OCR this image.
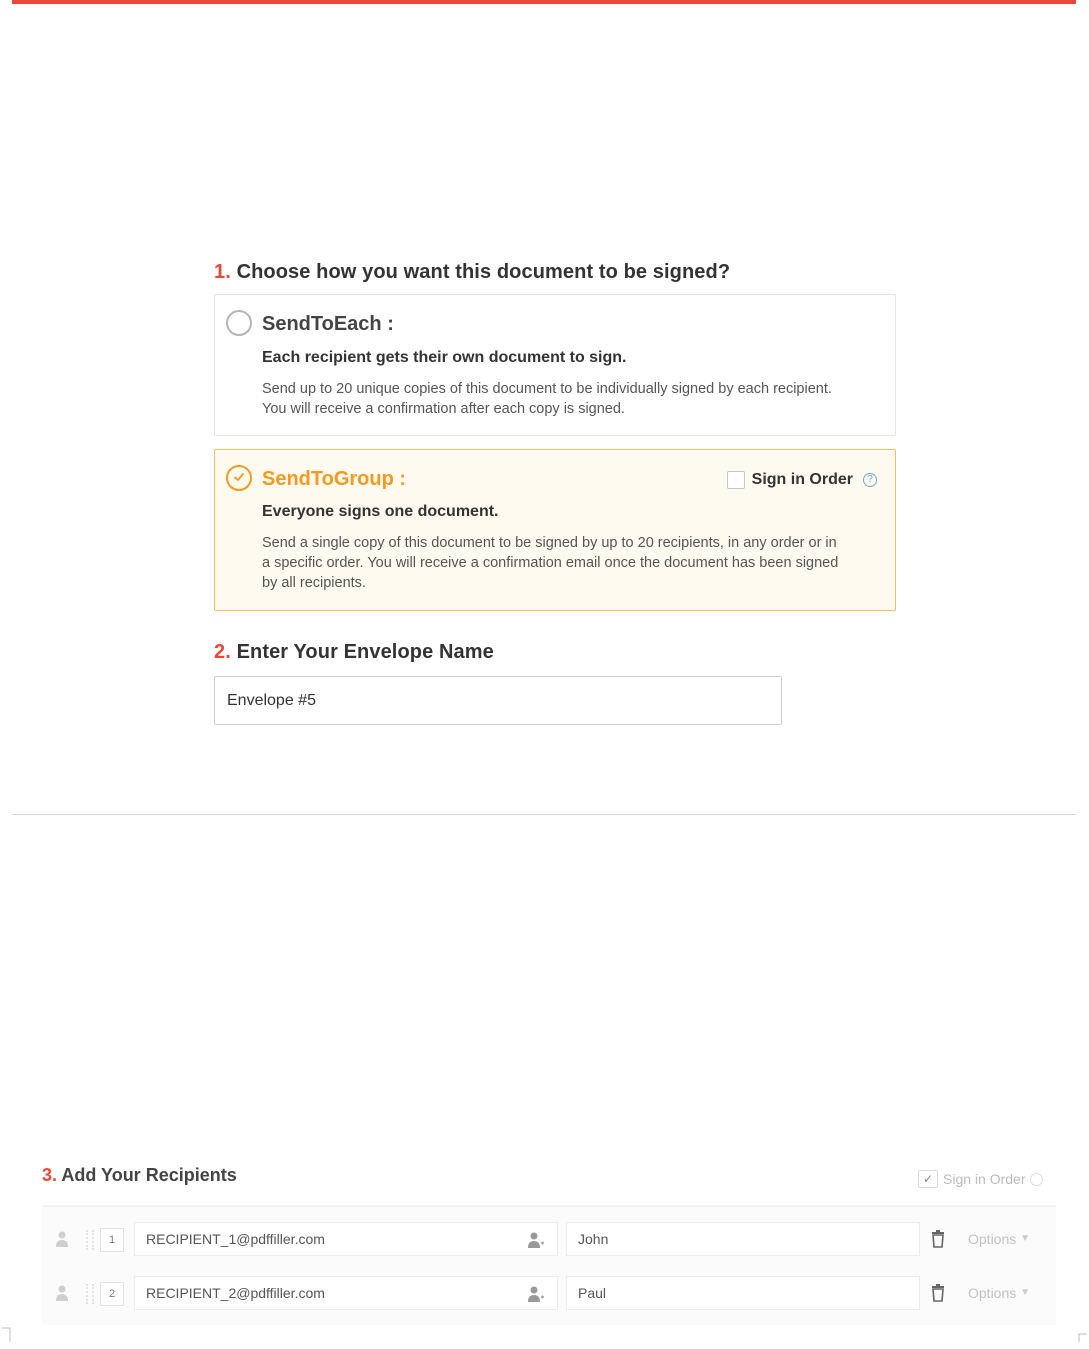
1. Choose how you want this document to be signed?
SendToEach :
Each recipient gets their own document to sign.
Send up to 20 unique copies of this document to be individually signed by each recipient.
You will receive a confirmation after each copy is signed.
SendToGroup :	Sign in Order	?
Everyone signs one document.
Send a single copy of this document to be signed by up to 20 recipients, in any order or in
a specific order. You will receive a confirmation email once the document has been signed
by all recipients.
2. Enter Your Envelope Name
Envelope #5
3. Add Your Recipients	✓ Sign in Order
1	RECIPIENT_1@pdffiller.com	John	Options ▼
2	RECIPIENT_2@pdffiller.com	Paul	Options ▼
